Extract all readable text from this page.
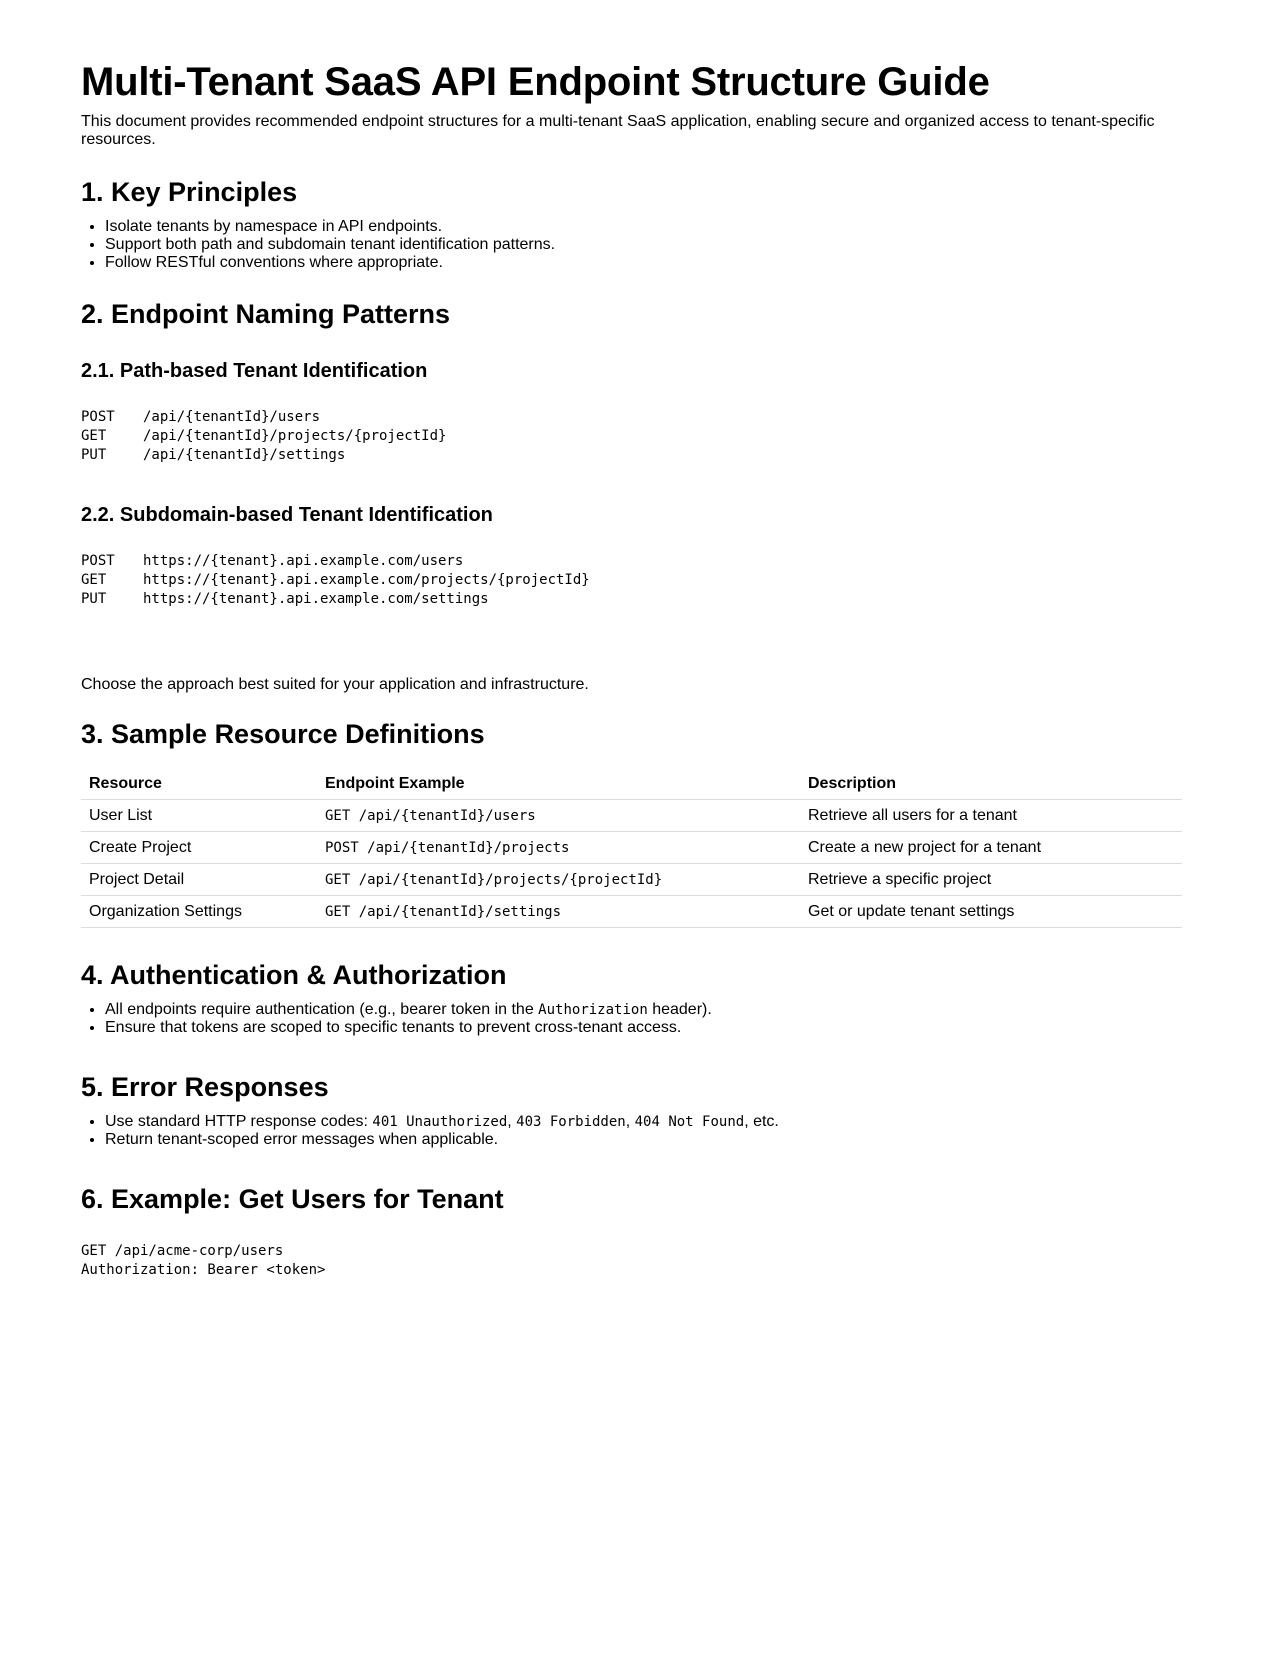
Multi-Tenant SaaS API Endpoint Structure Guide

This document provides recommended endpoint structures for a multi-tenant SaaS application, enabling secure and organized access to tenant-specific resources.

1. Key Principles
• Isolate tenants by namespace in API endpoints.
• Support both path and subdomain tenant identification patterns.
• Follow RESTful conventions where appropriate.
2. Endpoint Naming Patterns
2.1. Path-based Tenant Identification
POST /api/{tenantId}/users
GET	/api/{tenantId}/projects/{projectId}
PUT	/api/{tenantId}/settings
2.2. Subdomain-based Tenant Identification
POST https://{tenant}.api.example.com/users
GET	https://{tenant}.api.example.com/projects/{projectId}
PUT	https://{tenant}.api.example.com/settings

Choose the approach best suited for your application and infrastructure.

3. Sample Resource Definitions
Resource	Endpoint Example	Description
User List	GET /api/{tenantId}/users	Retrieve all users for a tenant
Create Project	POST /api/{tenantId}/projects	Create a new project for a tenant
Project Detail	GET /api/{tenantId}/projects/{projectId}	Retrieve a specific project
Organization Settings	GET /api/{tenantId}/settings	Get or update tenant settings
4. Authentication & Authorization
• All endpoints require authentication (e.g., bearer token in the Authorization header).
• Ensure that tokens are scoped to specific tenants to prevent cross-tenant access.
5. Error Responses
• Use standard HTTP response codes: 401 Unauthorized, 403 Forbidden, 404 Not Found, etc.
• Return tenant-scoped error messages when applicable.
6. Example: Get Users for Tenant
GET /api/acme-corp/users
Authorization: Bearer <token>
